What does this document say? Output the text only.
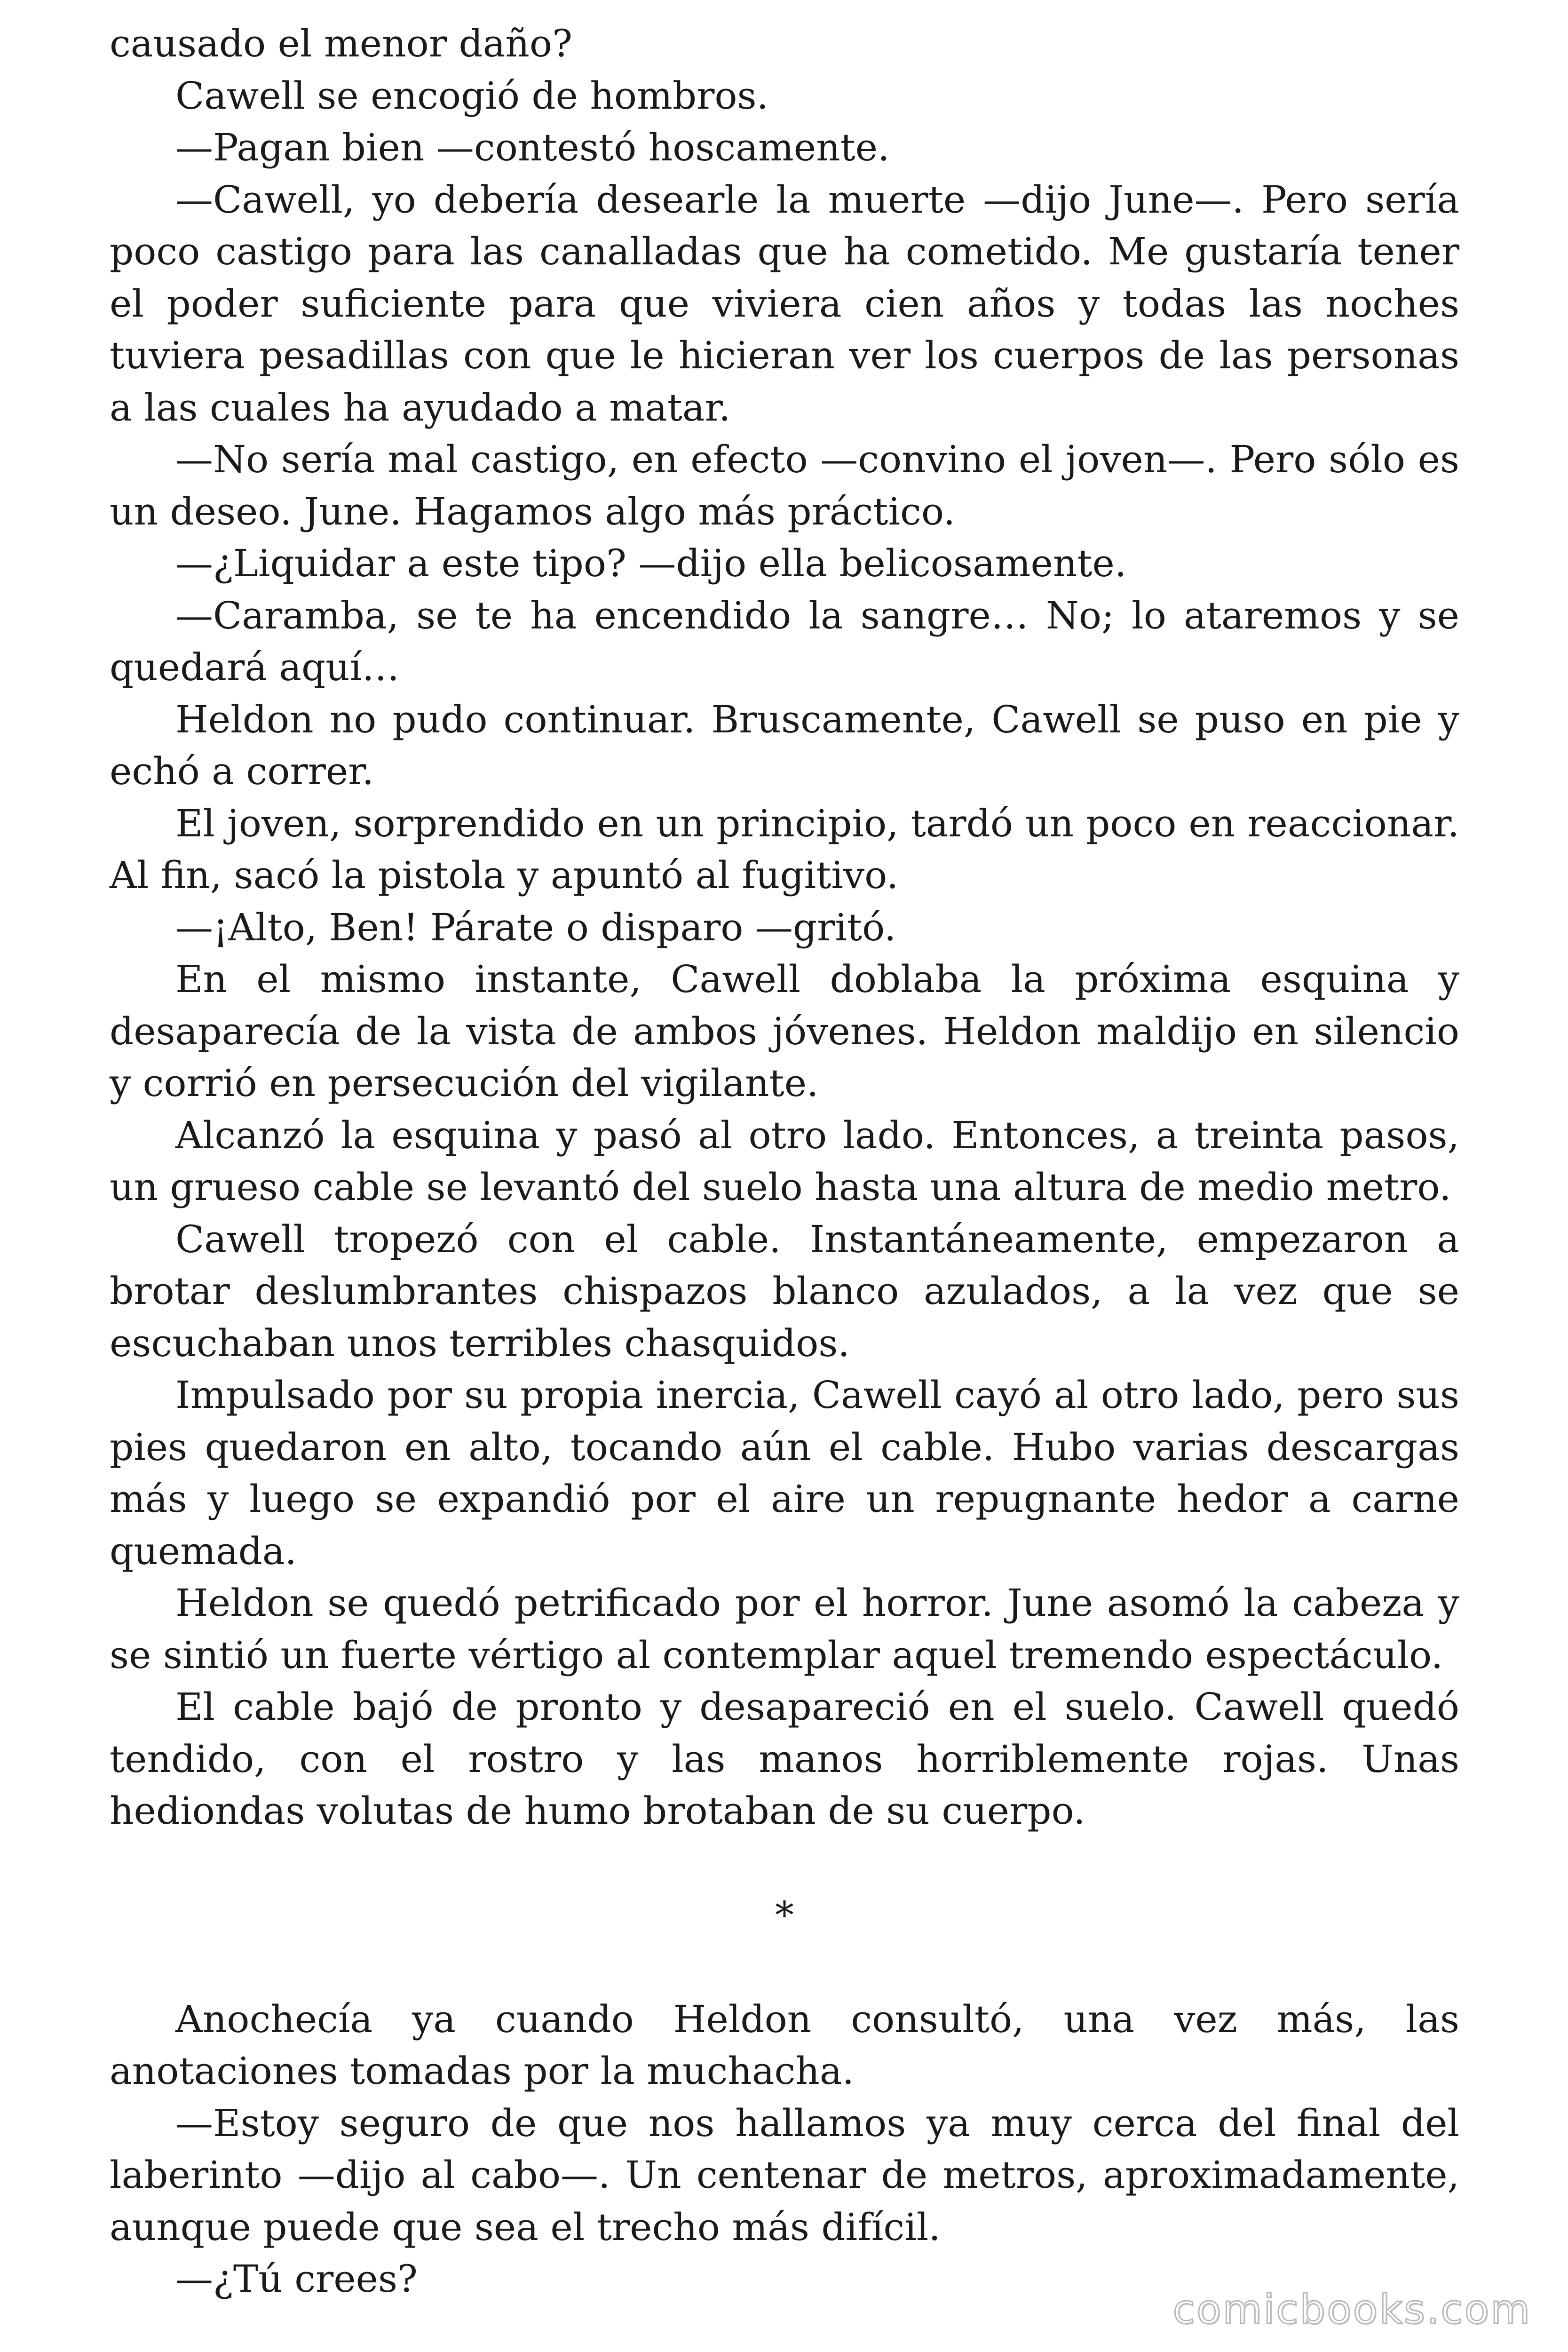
causado el menor daño?

Cawell se encogió de hombros.

—Pagan bien —contestó hoscamente.

—Cawell, yo debería desearle la muerte —dijo June—. Pero sería poco castigo para las canalladas que ha cometido. Me gustaría tener el poder suficiente para que viviera cien años y todas las noches tuviera pesadillas con que le hicieran ver los cuerpos de las personas a las cuales ha ayudado a matar.

—No sería mal castigo, en efecto —convino el joven—. Pero sólo es un deseo. June. Hagamos algo más práctico.

—¿Liquidar a este tipo? —dijo ella belicosamente.

—Caramba, se te ha encendido la sangre… No; lo ataremos y se quedará aquí…

Heldon no pudo continuar. Bruscamente, Cawell se puso en pie y echó a correr.

El joven, sorprendido en un principio, tardó un poco en reaccionar. Al fin, sacó la pistola y apuntó al fugitivo.

—¡Alto, Ben! Párate o disparo —gritó.

En el mismo instante, Cawell doblaba la próxima esquina y desaparecía de la vista de ambos jóvenes. Heldon maldijo en silencio y corrió en persecución del vigilante.

Alcanzó la esquina y pasó al otro lado. Entonces, a treinta pasos, un grueso cable se levantó del suelo hasta una altura de medio metro.

Cawell tropezó con el cable. Instantáneamente, empezaron a brotar deslumbrantes chispazos blanco azulados, a la vez que se escuchaban unos terribles chasquidos.

Impulsado por su propia inercia, Cawell cayó al otro lado, pero sus pies quedaron en alto, tocando aún el cable. Hubo varias descargas más y luego se expandió por el aire un repugnante hedor a carne quemada.

Heldon se quedó petrificado por el horror. June asomó la cabeza y se sintió un fuerte vértigo al contemplar aquel tremendo espectáculo.

El cable bajó de pronto y desapareció en el suelo. Cawell quedó tendido, con el rostro y las manos horriblemente rojas. Unas hediondas volutas de humo brotaban de su cuerpo.

*

Anochecía ya cuando Heldon consultó, una vez más, las anotaciones tomadas por la muchacha.

—Estoy seguro de que nos hallamos ya muy cerca del final del laberinto —dijo al cabo—. Un centenar de metros, aproximadamente, aunque puede que sea el trecho más difícil.

—¿Tú crees?

comicbooks.com
